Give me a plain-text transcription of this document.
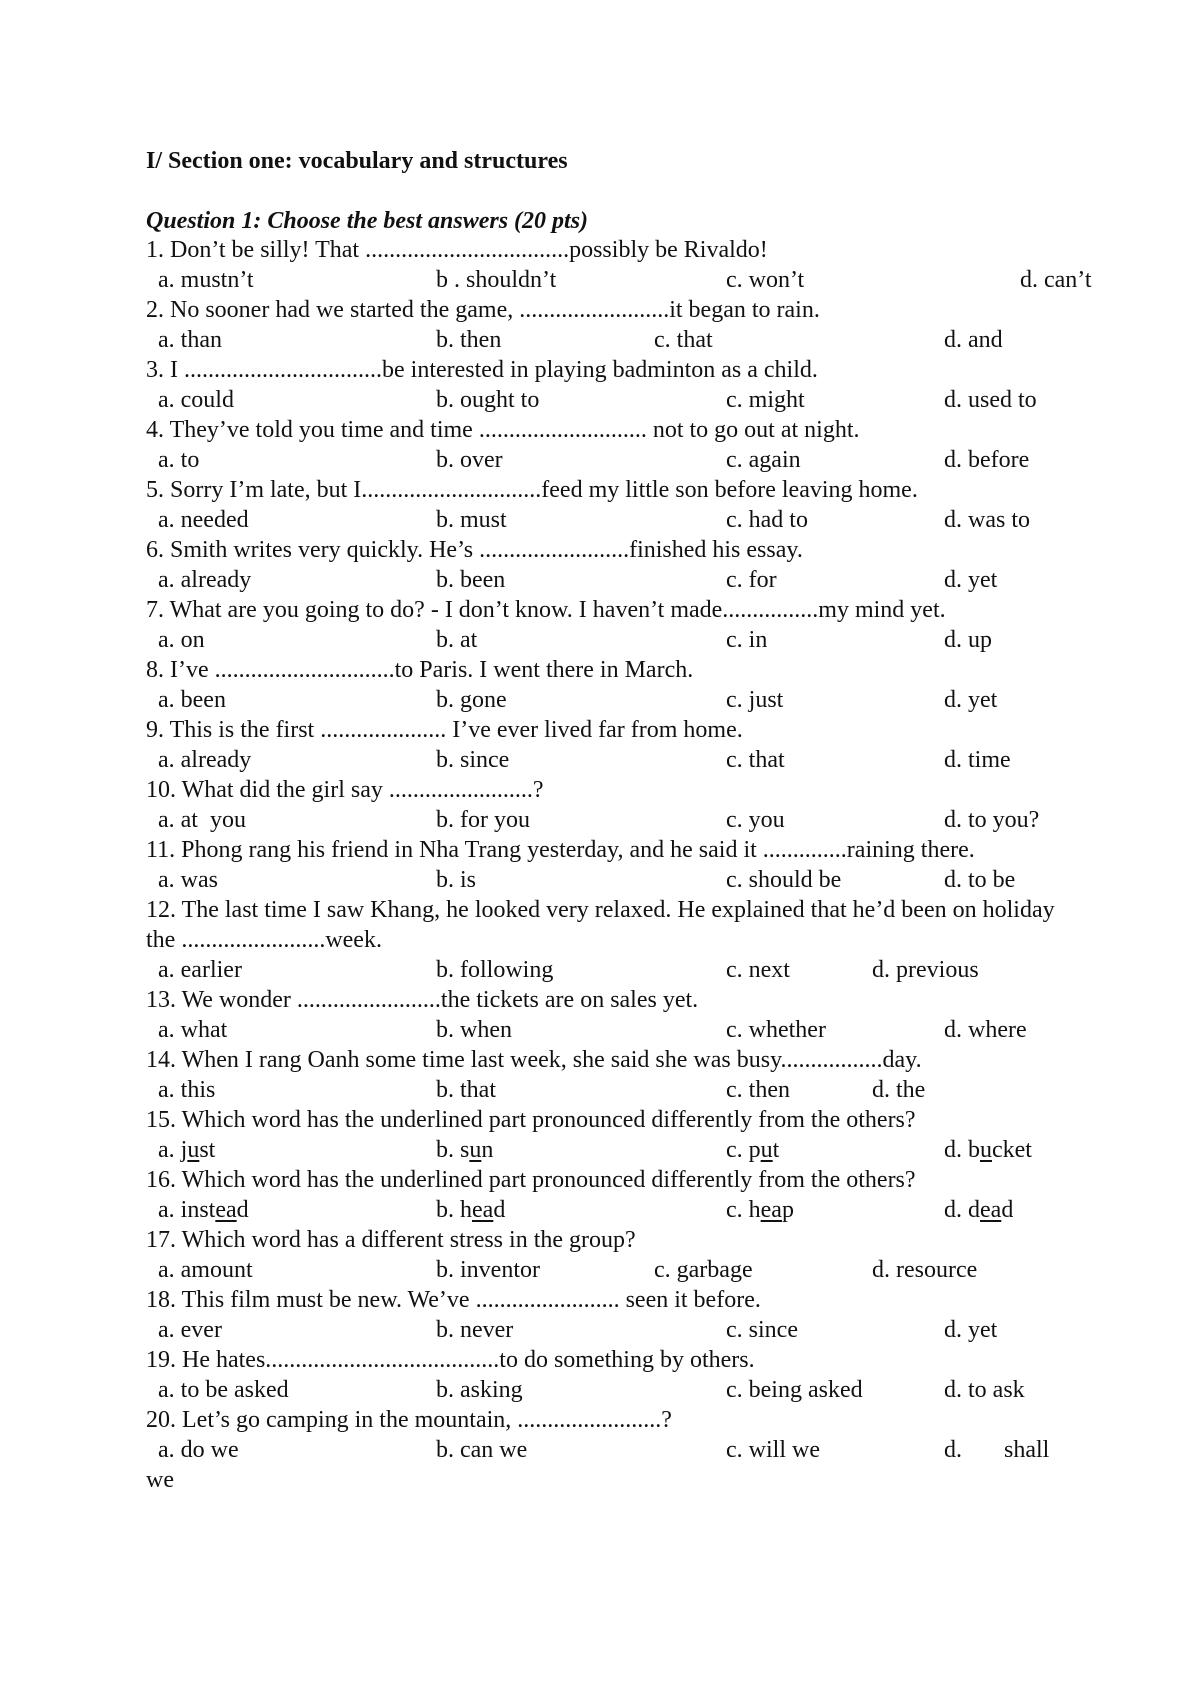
I/ Section one: vocabulary and structures
Question 1: Choose the best answers (20 pts)
1. Don’t be silly! That ..................................possibly be Rivaldo!
a. mustn’t	b . shouldn’t	c. won’t	d. can’t
2. No sooner had we started the game, .........................it began to rain.
a. than	b. then	c. that	d. and
3. I .................................be interested in playing badminton as a child.
a. could	b. ought to	c. might	d. used to
4. They’ve told you time and time ............................ not to go out at night.
a. to	b. over	c. again	d. before
5. Sorry I’m late, but I..............................feed my little son before leaving home.
a. needed	b. must	c. had to	d. was to
6. Smith writes very quickly. He’s .........................finished his essay.
a. already	b. been	c. for	d. yet
7. What are you going to do? - I don’t know. I haven’t made................my mind yet.
a. on	b. at	c. in	d. up
8. I’ve ..............................to Paris. I went there in March.
a. been	b. gone	c. just	d. yet
9. This is the first ..................... I’ve ever lived far from home.
a. already	b. since	c. that	d. time
10. What did the girl say ........................?
a. at  you	b. for you	c. you	d. to you?
11. Phong rang his friend in Nha Trang yesterday, and he said it ..............raining there.
a. was	b. is	c. should be	d. to be
12. The last time I saw Khang, he looked very relaxed. He explained that he’d been on holiday the ........................week.
a. earlier	b. following	c. next	d. previous
13. We wonder ........................the tickets are on sales yet.
a. what	b. when	c. whether	d. where
14. When I rang Oanh some time last week, she said she was busy.................day.
a. this	b. that	c. then	d. the
15. Which word has the underlined part pronounced differently from the others?
a. just	b. sun	c. put	d. bucket
16. Which word has the underlined part pronounced differently from the others?
a. instead	b. head	c. heap	d. dead
17. Which word has a different stress in the group?
a. amount	b. inventor	c. garbage	d. resource
18. This film must be new. We’ve ........................ seen it before.
a. ever	b. never	c. since	d. yet
19. He hates.......................................to do something by others.
a. to be asked	b. asking	c. being asked	d. to ask
20. Let’s go camping in the mountain, ........................?
a. do we	b. can we	c. will we	d. shall
we
